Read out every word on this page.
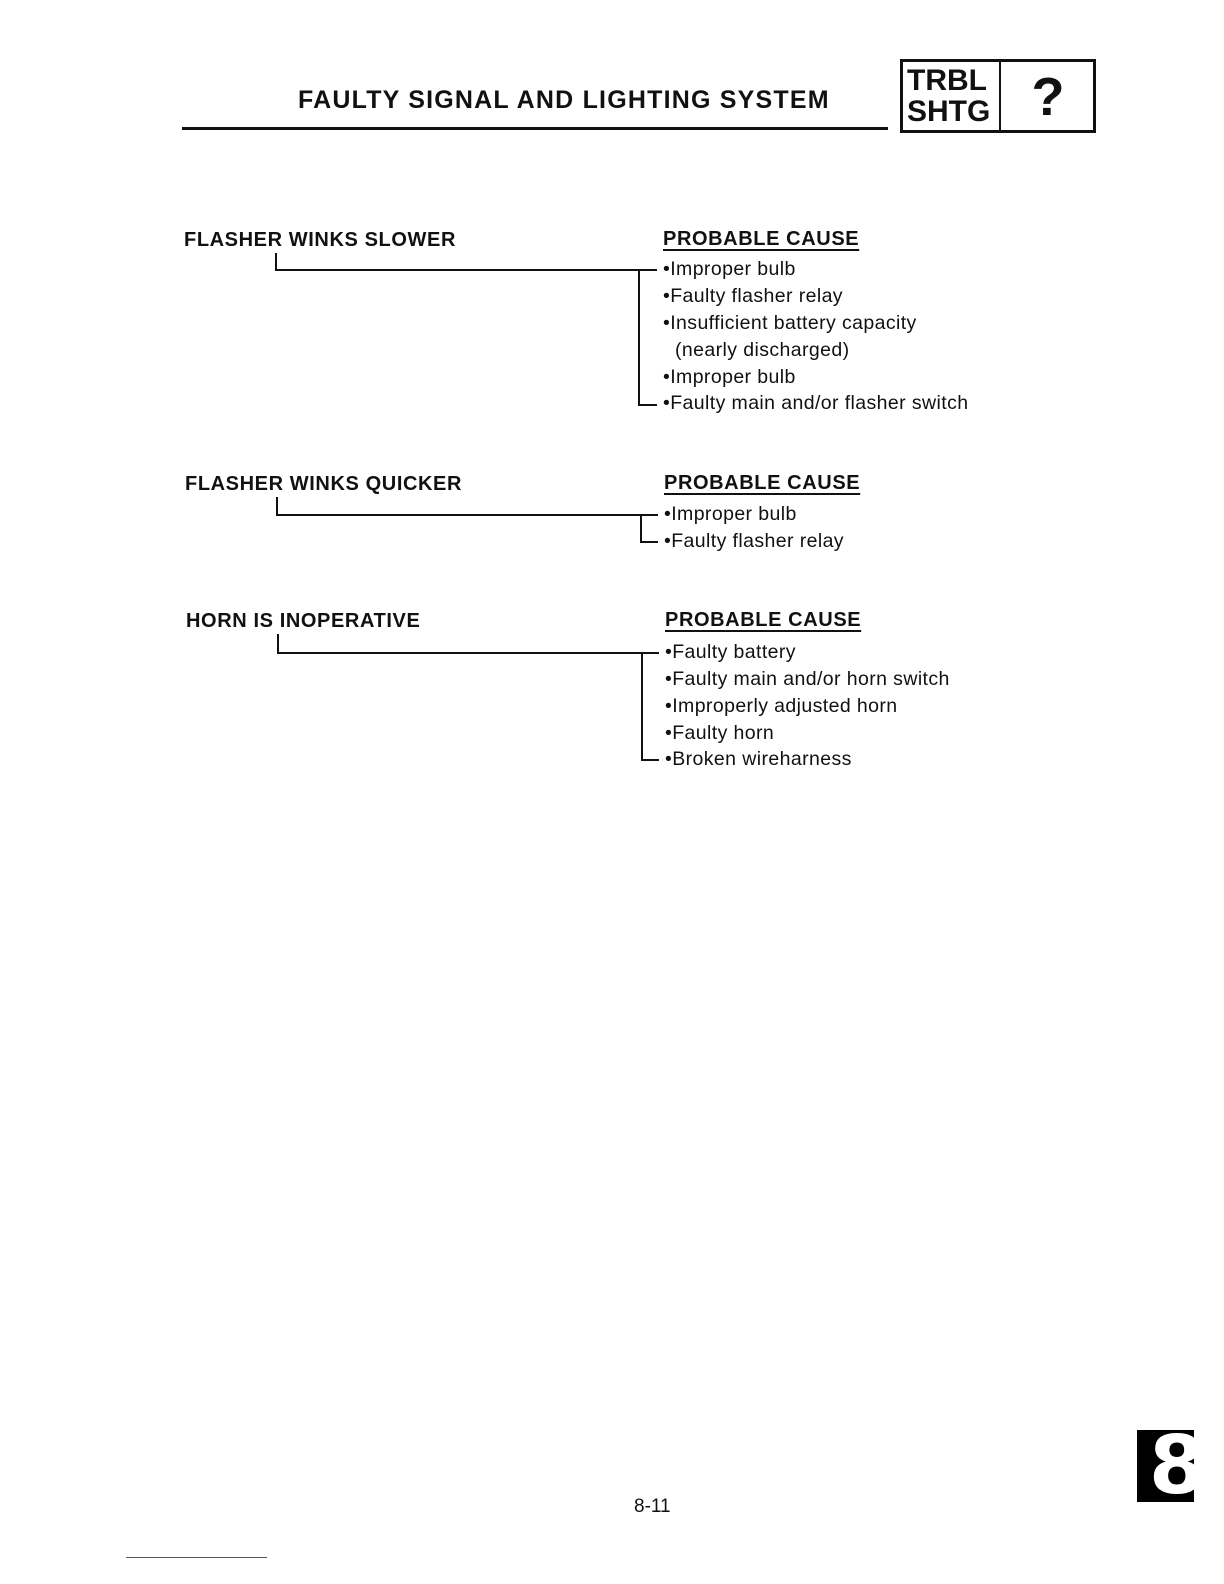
FAULTY SIGNAL AND LIGHTING SYSTEM
TRBL
SHTG ?
FLASHER WINKS SLOWER	PROBABLE CAUSE
•Improper bulb
•Faulty flasher relay
•Insufficient battery capacity
(nearly discharged)
•Improper bulb
•Faulty main and/or flasher switch
FLASHER WINKS QUICKER	PROBABLE CAUSE
•Improper bulb
•Faulty flasher relay
HORN IS INOPERATIVE	PROBABLE CAUSE
•Faulty battery
•Faulty main and/or horn switch
•Improperly adjusted horn
•Faulty horn
•Broken wireharness
8-11	8
